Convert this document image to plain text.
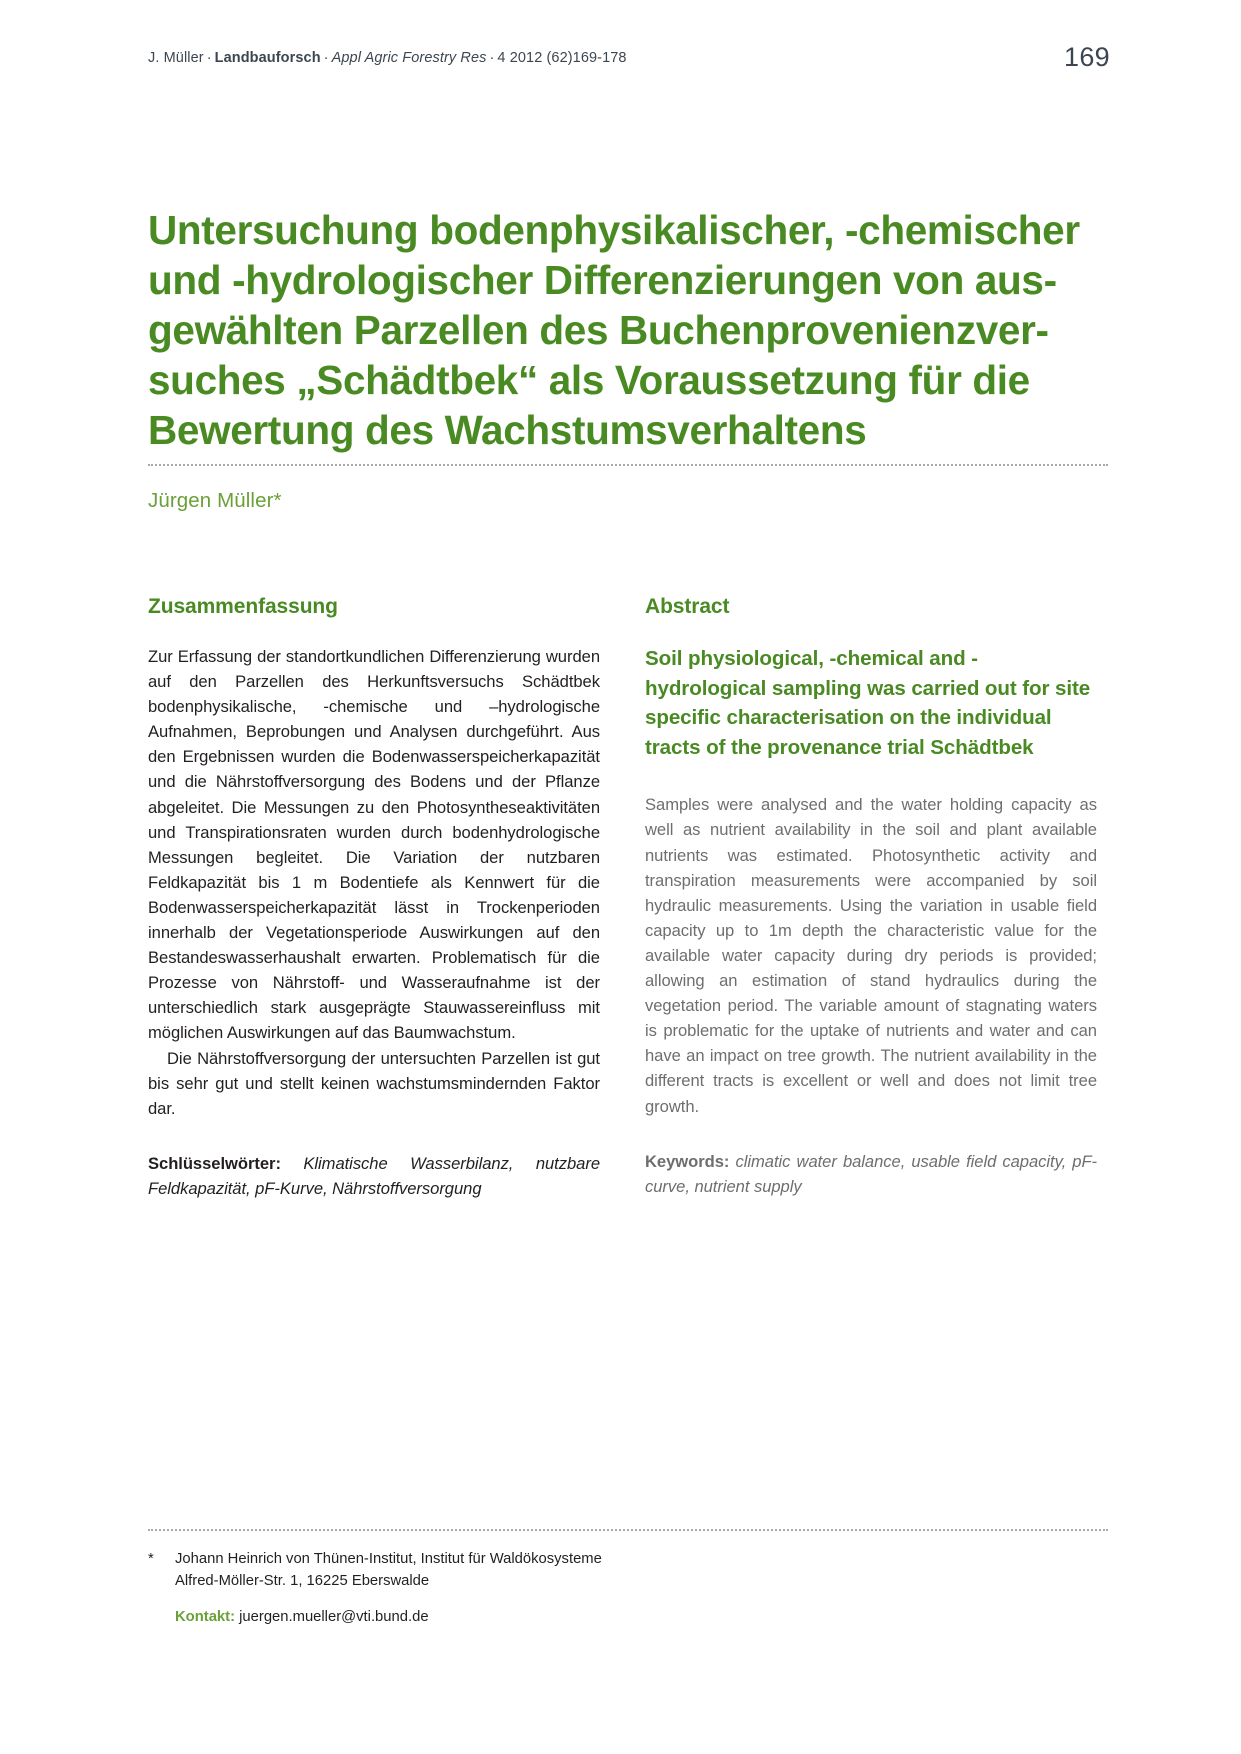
J. Müller · Landbauforsch · Appl Agric Forestry Res · 4 2012 (62)169-178	169
Untersuchung bodenphysikalischer, -chemischer
und -hydrologischer Differenzierungen von aus-
gewählten Parzellen des Buchenprovenienzver-
suches „Schädtbek“ als Voraussetzung für die
Bewertung des Wachstumsverhaltens
Jürgen Müller*
Zusammenfassung

Zur Erfassung der standortkundlichen Differenzierung wurden auf den Parzellen des Herkunftsversuchs Schädtbek bodenphysikalische, -chemische und –hydrologische Aufnahmen, Beprobungen und Analysen durchgeführt. Aus den Ergebnissen wurden die Bodenwasserspeicherkapazität und die Nährstoffversorgung des Bodens und der Pflanze abgeleitet. Die Messungen zu den Photosyntheseaktivitäten und Transpirationsraten wurden durch bodenhydrologische Messungen begleitet. Die Variation der nutzbaren Feldkapazität bis 1 m Bodentiefe als Kennwert für die Bodenwasserspeicherkapazität lässt in Trockenperioden innerhalb der Vegetationsperiode Auswirkungen auf den Bestandeswasserhaushalt erwarten. Problematisch für die Prozesse von Nährstoff- und Wasseraufnahme ist der unterschiedlich stark ausgeprägte Stauwassereinfluss mit möglichen Auswirkungen auf das Baumwachstum.

Die Nährstoffversorgung der untersuchten Parzellen ist gut bis sehr gut und stellt keinen wachstumsmindernden Faktor dar.

Schlüsselwörter: Klimatische Wasserbilanz, nutzbare Feldkapazität, pF-Kurve, Nährstoffversorgung

Abstract

Soil physiological, -chemical and -hydrological sampling was carried out for site specific characterisation on the individual tracts of the provenance trial Schädtbek

Samples were analysed and the water holding capacity as well as nutrient availability in the soil and plant available nutrients was estimated. Photosynthetic activity and transpiration measurements were accompanied by soil hydraulic measurements. Using the variation in usable field capacity up to 1m depth the characteristic value for the available water capacity during dry periods is provided; allowing an estimation of stand hydraulics during the vegetation period. The variable amount of stagnating waters is problematic for the uptake of nutrients and water and can have an impact on tree growth. The nutrient availability in the different tracts is excellent or well and does not limit tree growth.

Keywords: climatic water balance, usable field capacity, pF-curve, nutrient supply

*	Johann Heinrich von Thünen-Institut, Institut für Waldökosysteme
Alfred-Möller-Str. 1, 16225 Eberswalde
Kontakt: juergen.mueller@vti.bund.de
